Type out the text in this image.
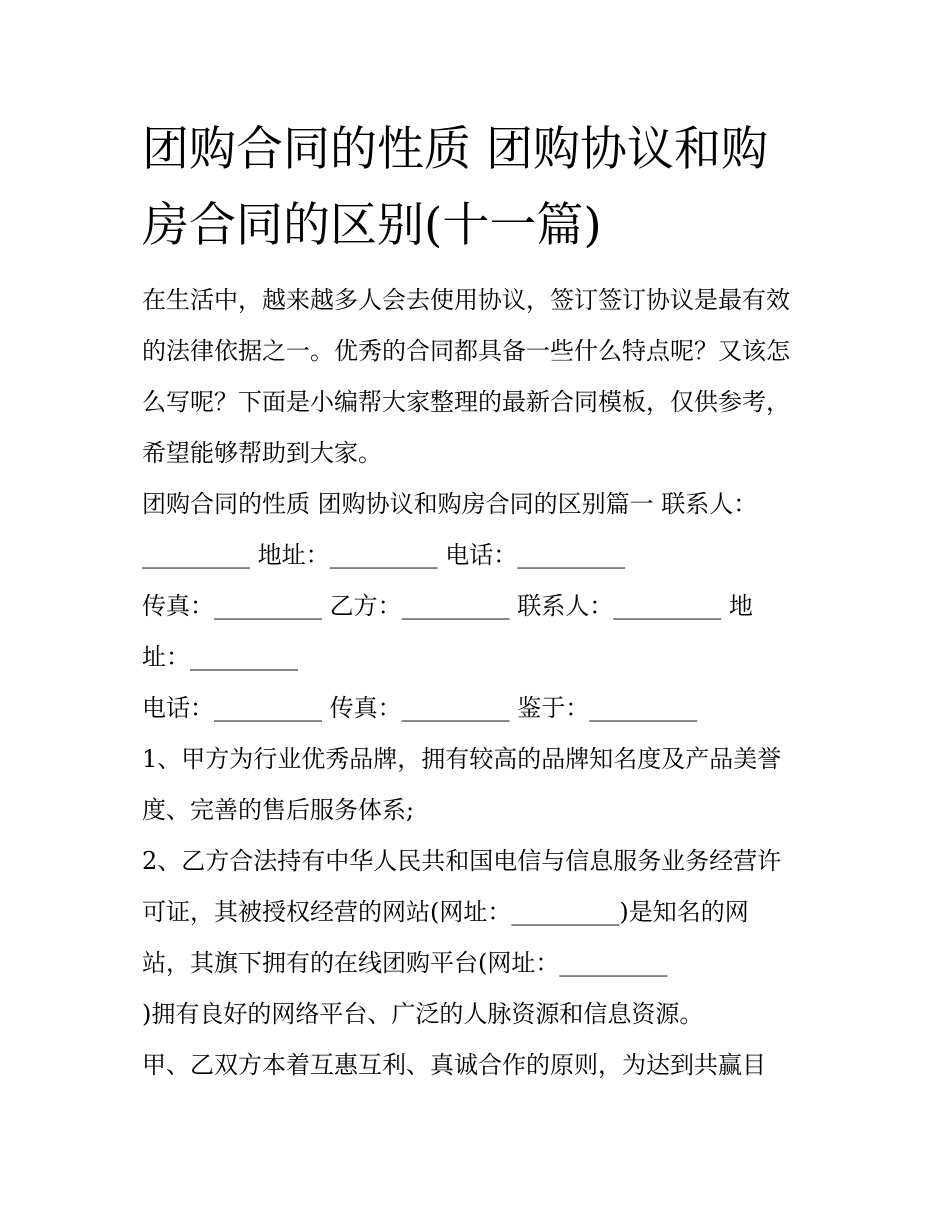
团购合同的性质 团购协议和购
房合同的区别(十一篇)
在生活中，越来越多人会去使用协议，签订签订协议是最有效
的法律依据之一。优秀的合同都具备一些什么特点呢？又该怎
么写呢？下面是小编帮大家整理的最新合同模板，仅供参考，
希望能够帮助到大家。
团购合同的性质 团购协议和购房合同的区别篇一 联系人：
_________ 地址：_________ 电话：_________
传真：_________ 乙方：_________ 联系人：_________ 地
址：_________
电话：_________ 传真：_________ 鉴于：_________
1、甲方为行业优秀品牌，拥有较高的品牌知名度及产品美誉
度、完善的售后服务体系;
2、乙方合法持有中华人民共和国电信与信息服务业务经营许
可证，其被授权经营的网站(网址：_________)是知名的网
站，其旗下拥有的在线团购平台(网址：_________
)拥有良好的网络平台、广泛的人脉资源和信息资源。
甲、乙双方本着互惠互利、真诚合作的原则，为达到共赢目
